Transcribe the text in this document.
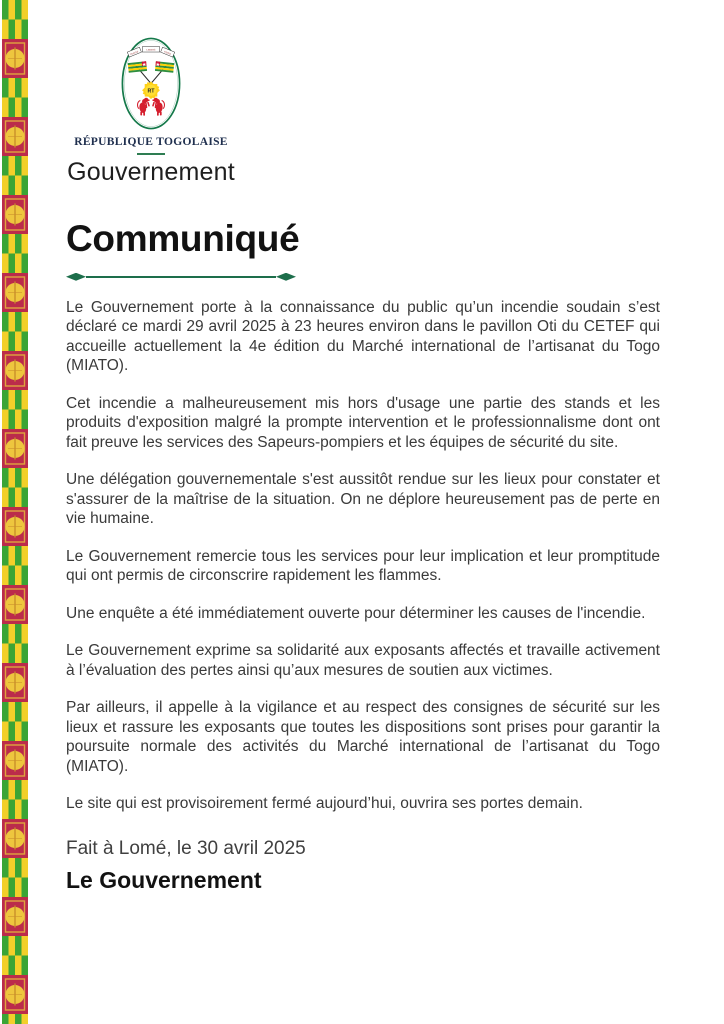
TRAVAIL
LIBERTÉ
PATRIE
RT
RÉPUBLIQUE TOGOLAISE
Gouvernement
Communiqué

Le Gouvernement porte à la connaissance du public qu’un incendie soudain s’est déclaré ce mardi 29 avril 2025 à 23 heures environ dans le pavillon Oti du CETEF qui accueille actuellement la 4e édition du Marché international de l’artisanat du Togo (MIATO).

Cet incendie a malheureusement mis hors d'usage une partie des stands et les produits d'exposition malgré la prompte intervention et le professionnalisme dont ont fait preuve les services des Sapeurs-pompiers et les équipes de sécurité du site.

Une délégation gouvernementale s'est aussitôt rendue sur les lieux pour constater et s'assurer de la maîtrise de la situation. On ne déplore heureusement pas de perte en vie humaine.

Le Gouvernement remercie tous les services pour leur implication et leur promptitude qui ont permis de circonscrire rapidement les flammes.

Une enquête a été immédiatement ouverte pour déterminer les causes de l'incendie.

Le Gouvernement exprime sa solidarité aux exposants affectés et travaille activement à l’évaluation des pertes ainsi qu’aux mesures de soutien aux victimes.

Par ailleurs, il appelle à la vigilance et au respect des consignes de sécurité sur les lieux et rassure les exposants que toutes les dispositions sont prises pour garantir la poursuite normale des activités du Marché international de l’artisanat du Togo (MIATO).

Le site qui est provisoirement fermé aujourd’hui, ouvrira ses portes demain.

Fait à Lomé, le 30 avril 2025
Le Gouvernement
